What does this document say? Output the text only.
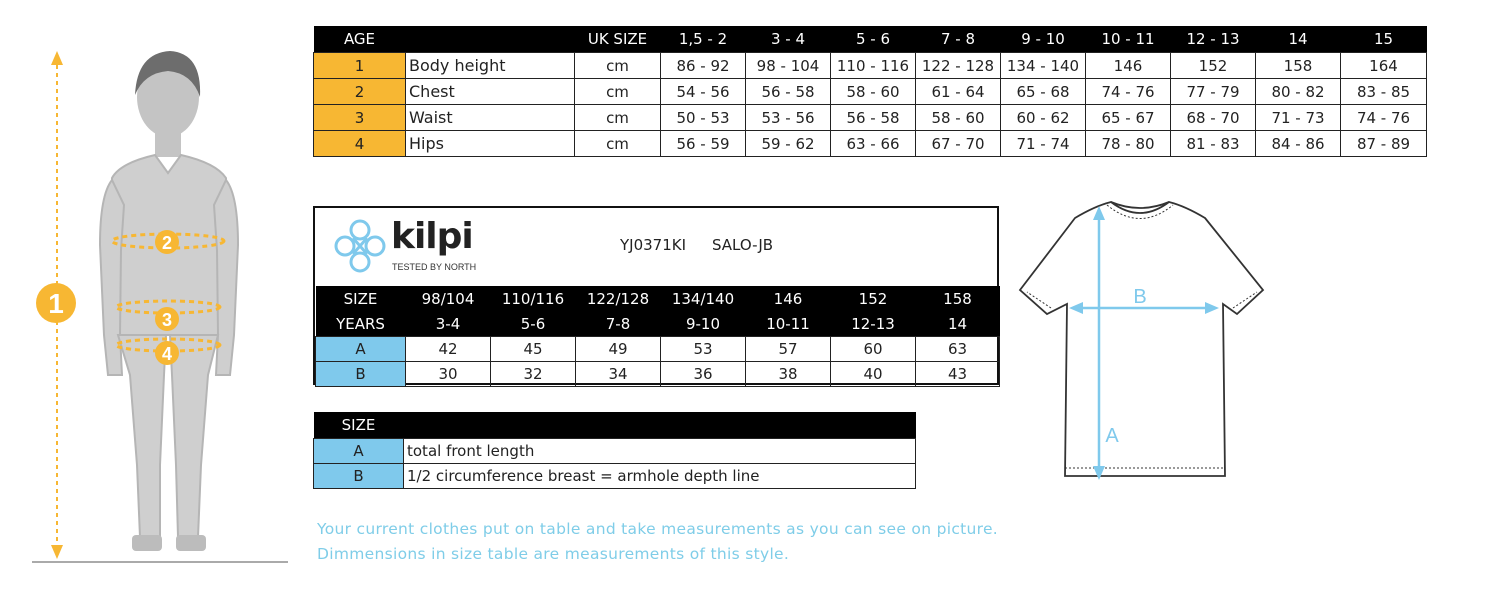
1
2
3
4
AGE		UK SIZE	1,5 - 2	3 - 4	5 - 6	7 - 8	9 - 10	10 - 11	12 - 13	14	15
1	Body height	cm	86 - 92	98 - 104	110 - 116	122 - 128	134 - 140	146	152	158	164
2	Chest	cm	54 - 56	56 - 58	58 - 60	61 - 64	65 - 68	74 - 76	77 - 79	80 - 82	83 - 85
3	Waist	cm	50 - 53	53 - 56	56 - 58	58 - 60	60 - 62	65 - 67	68 - 70	71 - 73	74 - 76
4	Hips	cm	56 - 59	59 - 62	63 - 66	67 - 70	71 - 74	78 - 80	81 - 83	84 - 86	87 - 89
kilpi
TESTED BY NORTH
YJ0371KI SALO-JB
SIZE	98/104	110/116	122/128	134/140	146	152	158
YEARS	3-4	5-6	7-8	9-10	10-11	12-13	14
A	42	45	49	53	57	60	63
B	30	32	34	36	38	40	43
SIZE	
A	total front length
B	1/2 circumference breast = armhole depth line
B
A
Your current clothes put on table and take measurements as you can see on picture.
Dimmensions in size table are measurements of this style.
